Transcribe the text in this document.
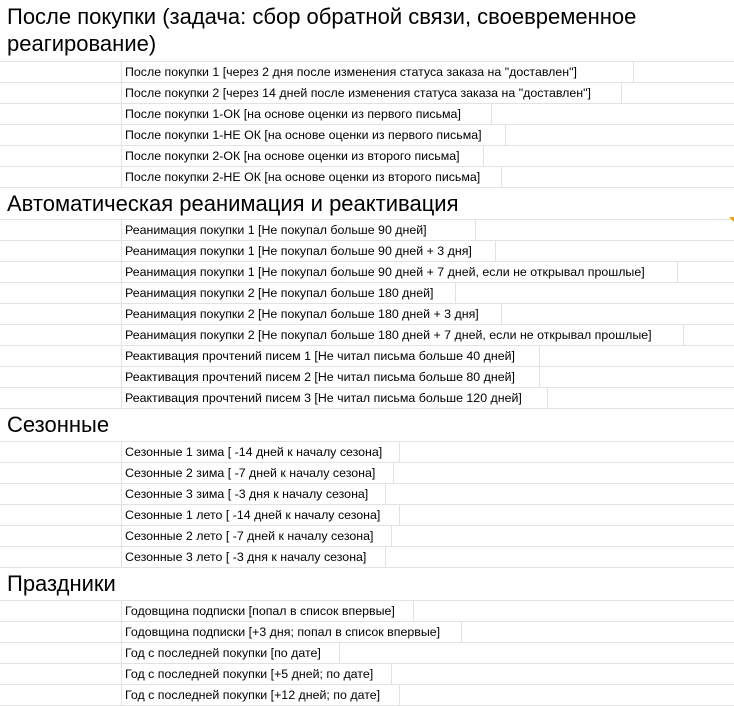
После покупки (задача: сбор обратной связи, своевременное
реагирование)
После покупки 1 [через 2 дня после изменения статуса заказа на "доставлен"]
После покупки 2 [через 14 дней после изменения статуса заказа на "доставлен"]
После покупки 1-ОК [на основе оценки из первого письма]
После покупки 1-НЕ ОК [на основе оценки из первого письма]
После покупки 2-ОК [на основе оценки из второго письма]
После покупки 2-НЕ ОК [на основе оценки из второго письма]
Автоматическая реанимация и реактивация
Реанимация покупки 1 [Не покупал больше 90 дней]
Реанимация покупки 1 [Не покупал больше 90 дней + 3 дня]
Реанимация покупки 1 [Не покупал больше 90 дней + 7 дней, если не открывал прошлые]
Реанимация покупки 2 [Не покупал больше 180 дней]
Реанимация покупки 2 [Не покупал больше 180 дней + 3 дня]
Реанимация покупки 2 [Не покупал больше 180 дней + 7 дней, если не открывал прошлые]
Реактивация прочтений писем 1 [Не читал письма больше 40 дней]
Реактивация прочтений писем 2 [Не читал письма больше 80 дней]
Реактивация прочтений писем 3 [Не читал письма больше 120 дней]
Сезонные
Сезонные 1 зима [ -14 дней к началу сезона]
Сезонные 2 зима [ -7 дней к началу сезона]
Сезонные 3 зима [ -3 дня к началу сезона]
Сезонные 1 лето [ -14 дней к началу сезона]
Сезонные 2 лето [ -7 дней к началу сезона]
Сезонные 3 лето [ -3 дня к началу сезона]
Праздники
Годовщина подписки [попал в список впервые]
Годовщина подписки [+3 дня; попал в список впервые]
Год с последней покупки [по дате]
Год с последней покупки [+5 дней; по дате]
Год с последней покупки [+12 дней; по дате]
